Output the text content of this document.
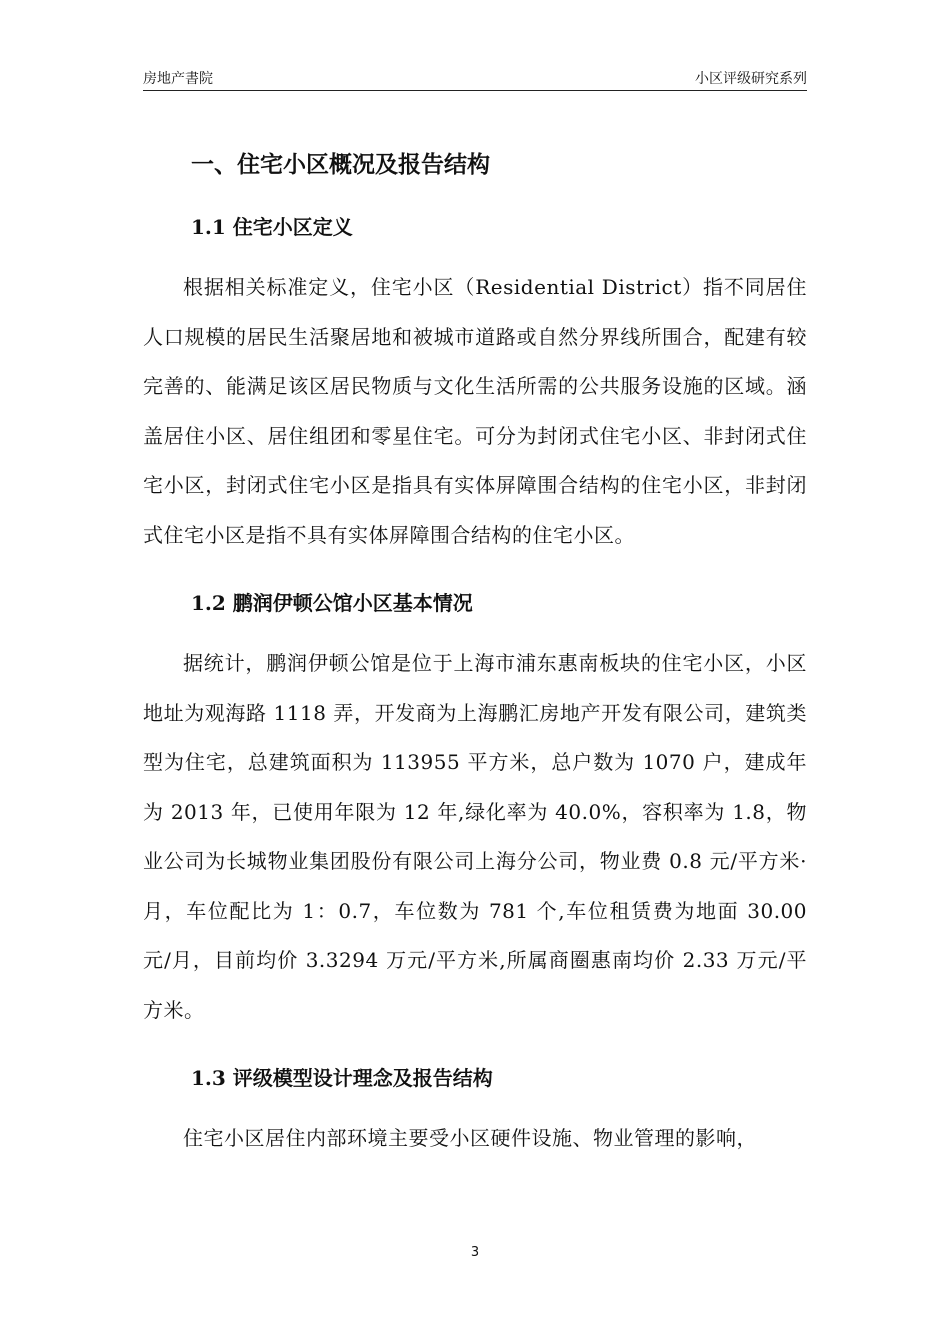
房地产書院	小区评级研究系列
一、住宅小区概况及报告结构
1.1 住宅小区定义

根据相关标准定义，住宅小区（Residential District）指不同居住人口规模的居民生活聚居地和被城市道路或自然分界线所围合，配建有较完善的、能满足该区居民物质与文化生活所需的公共服务设施的区域。涵盖居住小区、居住组团和零星住宅。可分为封闭式住宅小区、非封闭式住宅小区，封闭式住宅小区是指具有实体屏障围合结构的住宅小区，非封闭式住宅小区是指不具有实体屏障围合结构的住宅小区。

1.2 鹏润伊顿公馆小区基本情况

据统计，鹏润伊顿公馆是位于上海市浦东惠南板块的住宅小区，小区地址为观海路 1118 弄，开发商为上海鹏汇房地产开发有限公司，建筑类型为住宅，总建筑面积为 113955 平方米，总户数为 1070 户，建成年为 2013 年，已使用年限为 12 年,绿化率为 40.0%，容积率为 1.8，物业公司为长城物业集团股份有限公司上海分公司，物业费 0.8 元/平方米·月，车位配比为 1：0.7，车位数为 781 个,车位租赁费为地面 30.00 元/月，目前均价 3.3294 万元/平方米,所属商圈惠南均价 2.33 万元/平方米。

1.3 评级模型设计理念及报告结构

住宅小区居住内部环境主要受小区硬件设施、物业管理的影响，

3
